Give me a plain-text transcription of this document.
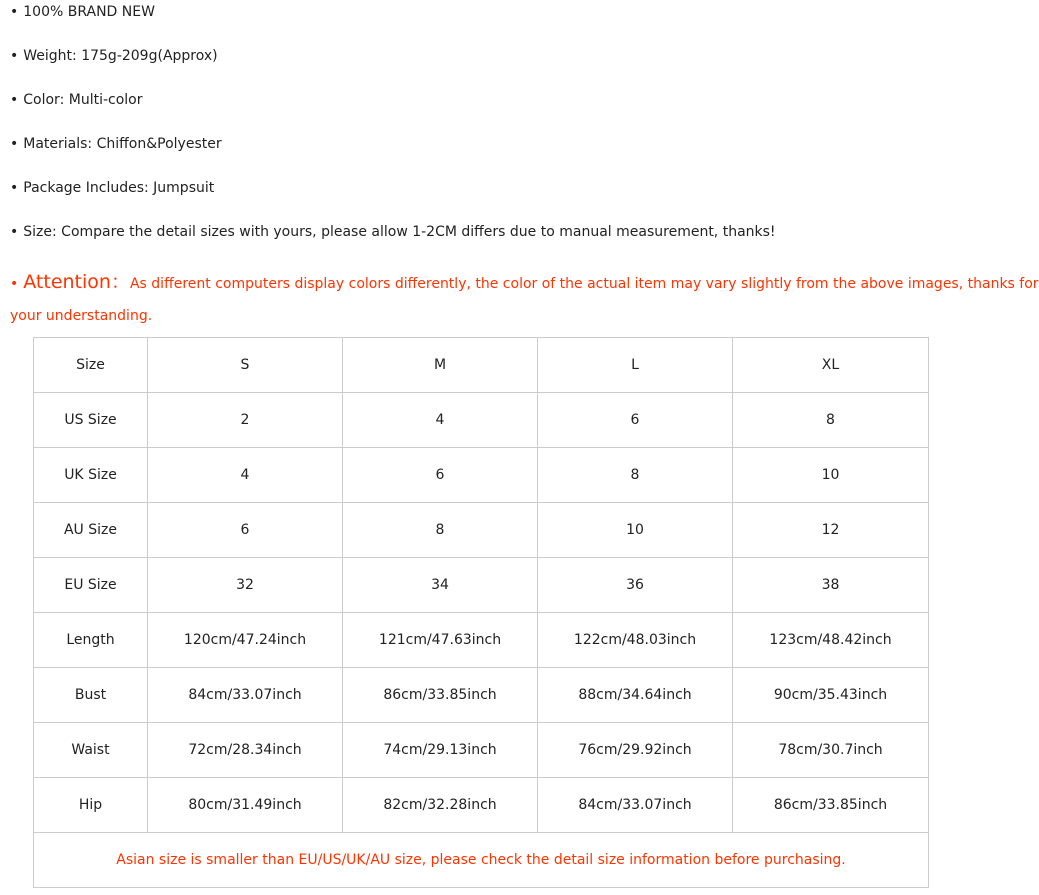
• 100% BRAND NEW
• Weight: 175g-209g(Approx)
• Color: Multi-color
• Materials: Chiffon&Polyester
• Package Includes: Jumpsuit
• Size: Compare the detail sizes with yours, please allow 1-2CM differs due to manual measurement, thanks!
• Attention：As different computers display colors differently, the color of the actual item may vary slightly from the above images, thanks for
your understanding.
Size	S	M	L	XL
US Size	2	4	6	8
UK Size	4	6	8	10
AU Size	6	8	10	12
EU Size	32	34	36	38
Length	120cm/47.24inch	121cm/47.63inch	122cm/48.03inch	123cm/48.42inch
Bust	84cm/33.07inch	86cm/33.85inch	88cm/34.64inch	90cm/35.43inch
Waist	72cm/28.34inch	74cm/29.13inch	76cm/29.92inch	78cm/30.7inch
Hip	80cm/31.49inch	82cm/32.28inch	84cm/33.07inch	86cm/33.85inch
Asian size is smaller than EU/US/UK/AU size, please check the detail size information before purchasing.				
